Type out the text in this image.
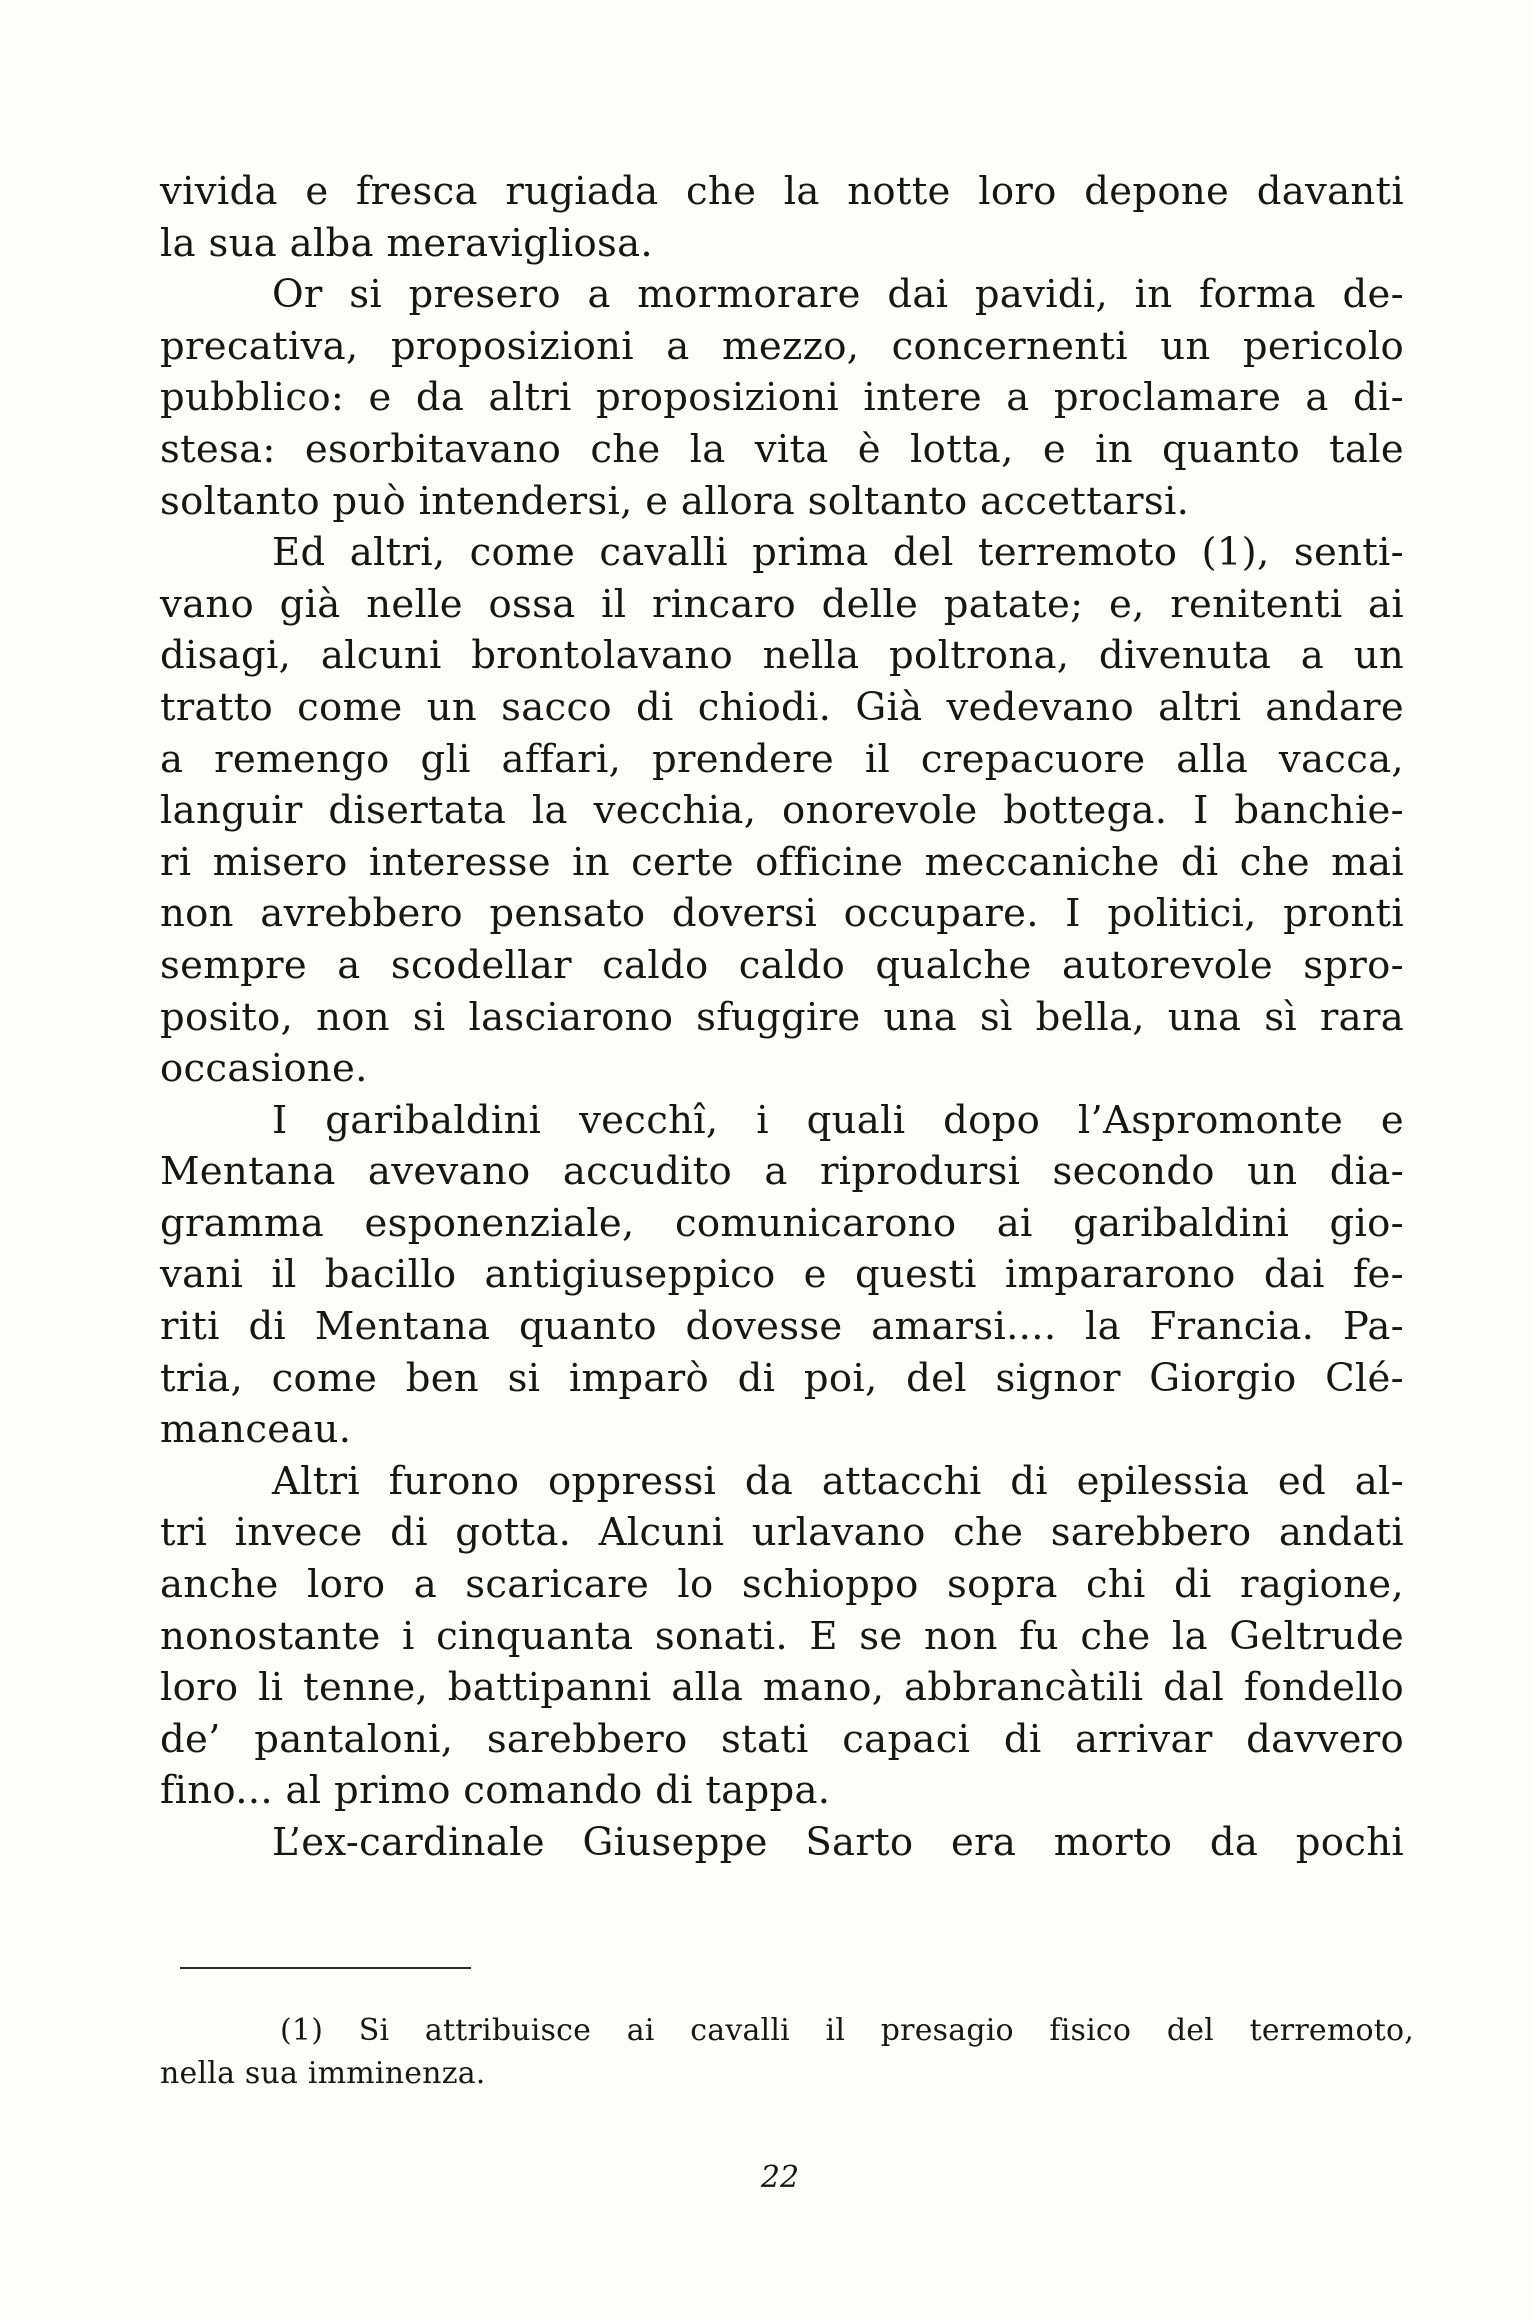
vivida e fresca rugiada che la notte loro depone davanti
la sua alba meravigliosa.
Or si presero a mormorare dai pavidi, in forma de-
precativa, proposizioni a mezzo, concernenti un pericolo
pubblico: e da altri proposizioni intere a proclamare a di-
stesa: esorbitavano che la vita è lotta, e in quanto tale
soltanto può intendersi, e allora soltanto accettarsi.
Ed altri, come cavalli prima del terremoto (1), senti-
vano già nelle ossa il rincaro delle patate; e, renitenti ai
disagi, alcuni brontolavano nella poltrona, divenuta a un
tratto come un sacco di chiodi. Già vedevano altri andare
a remengo gli affari, prendere il crepacuore alla vacca,
languir disertata la vecchia, onorevole bottega. I banchie-
ri misero interesse in certe officine meccaniche di che mai
non avrebbero pensato doversi occupare. I politici, pronti
sempre a scodellar caldo caldo qualche autorevole spro-
posito, non si lasciarono sfuggire una sì bella, una sì rara
occasione.
I garibaldini vecchî, i quali dopo l’Aspromonte e
Mentana avevano accudito a riprodursi secondo un dia-
gramma esponenziale, comunicarono ai garibaldini gio-
vani il bacillo antigiuseppico e questi impararono dai fe-
riti di Mentana quanto dovesse amarsi.... la Francia. Pa-
tria, come ben si imparò di poi, del signor Giorgio Clé-
manceau.
Altri furono oppressi da attacchi di epilessia ed al-
tri invece di gotta. Alcuni urlavano che sarebbero andati
anche loro a scaricare lo schioppo sopra chi di ragione,
nonostante i cinquanta sonati. E se non fu che la Geltrude
loro li tenne, battipanni alla mano, abbrancàtili dal fondello
de’ pantaloni, sarebbero stati capaci di arrivar davvero
fino... al primo comando di tappa.
L’ex-cardinale Giuseppe Sarto era morto da pochi
(1) Si attribuisce ai cavalli il presagio fisico del terremoto,
nella sua imminenza.
22
